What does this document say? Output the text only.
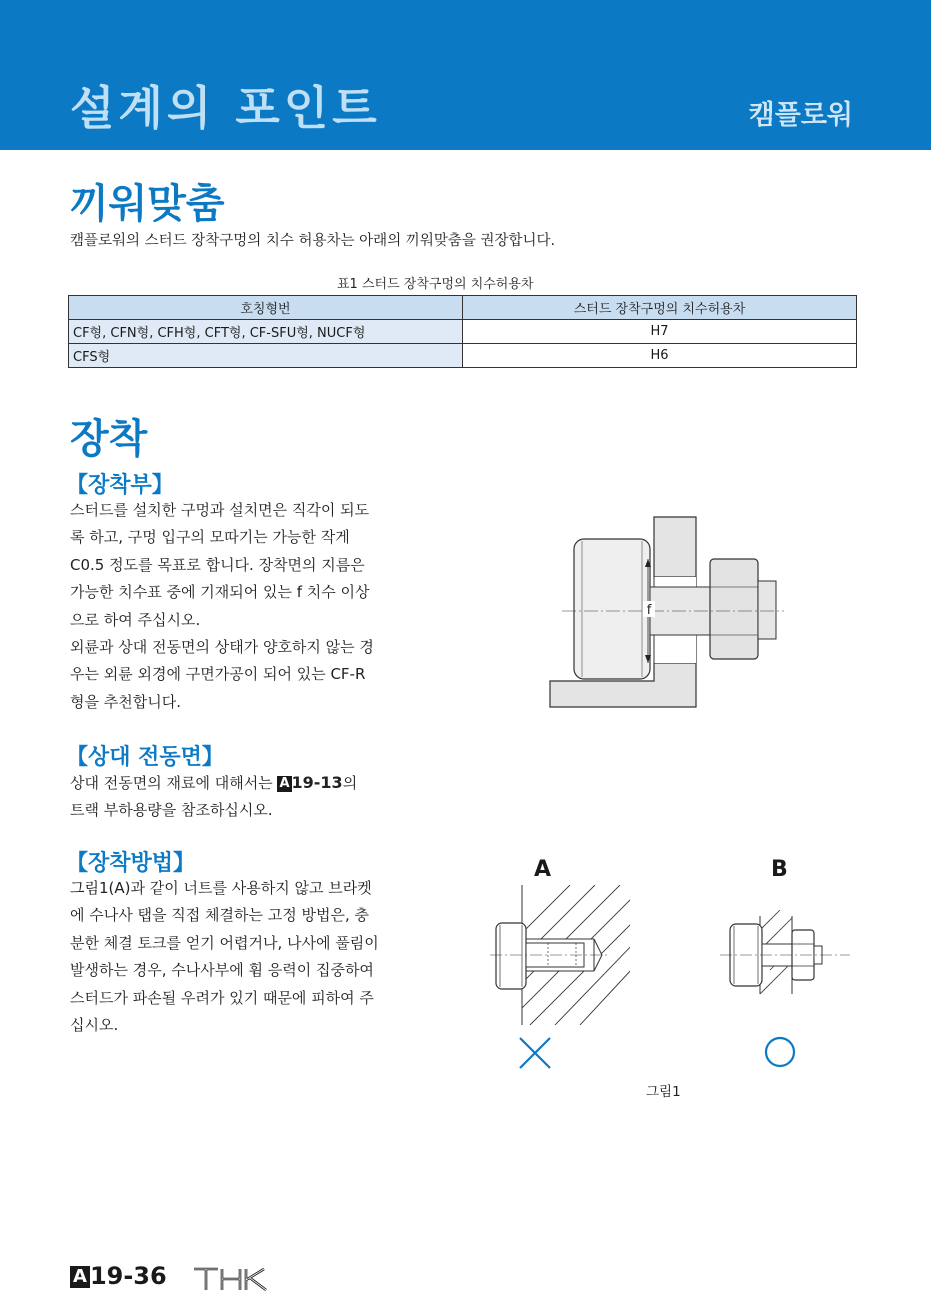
설계의 포인트	캠플로워
끼워맞춤
캠플로워의 스터드 장착구멍의 치수 허용차는 아래의 끼워맞춤을 권장합니다.
표1 스터드 장착구멍의 치수허용차
호칭형번	스터드 장착구멍의 치수허용차
CF형, CFN형, CFH형, CFT형, CF-SFU형, NUCF형	H7
CFS형	H6
장착
【장착부】
스터드를 설치한 구멍과 설치면은 직각이 되도
록 하고, 구멍 입구의 모따기는 가능한 작게
C0.5 정도를 목표로 합니다. 장착면의 지름은
가능한 치수표 중에 기재되어 있는 f 치수 이상
으로 하여 주십시오.
외륜과 상대 전동면의 상태가 양호하지 않는 경
우는 외륜 외경에 구면가공이 되어 있는 CF-R
형을 추천합니다.
f
【상대 전동면】
상대 전동면의 재료에 대해서는 A 19-13의
트랙 부하용량을 참조하십시오.
【장착방법】
그림1(A)과 같이 너트를 사용하지 않고 브라켓
에 수나사 탭을 직접 체결하는 고정 방법은, 충
분한 체결 토크를 얻기 어렵거나, 나사에 풀림이
발생하는 경우, 수나사부에 휨 응력이 집중하여
스터드가 파손될 우려가 있기 때문에 피하여 주
십시오.
A	B
그림1
A 19-36
